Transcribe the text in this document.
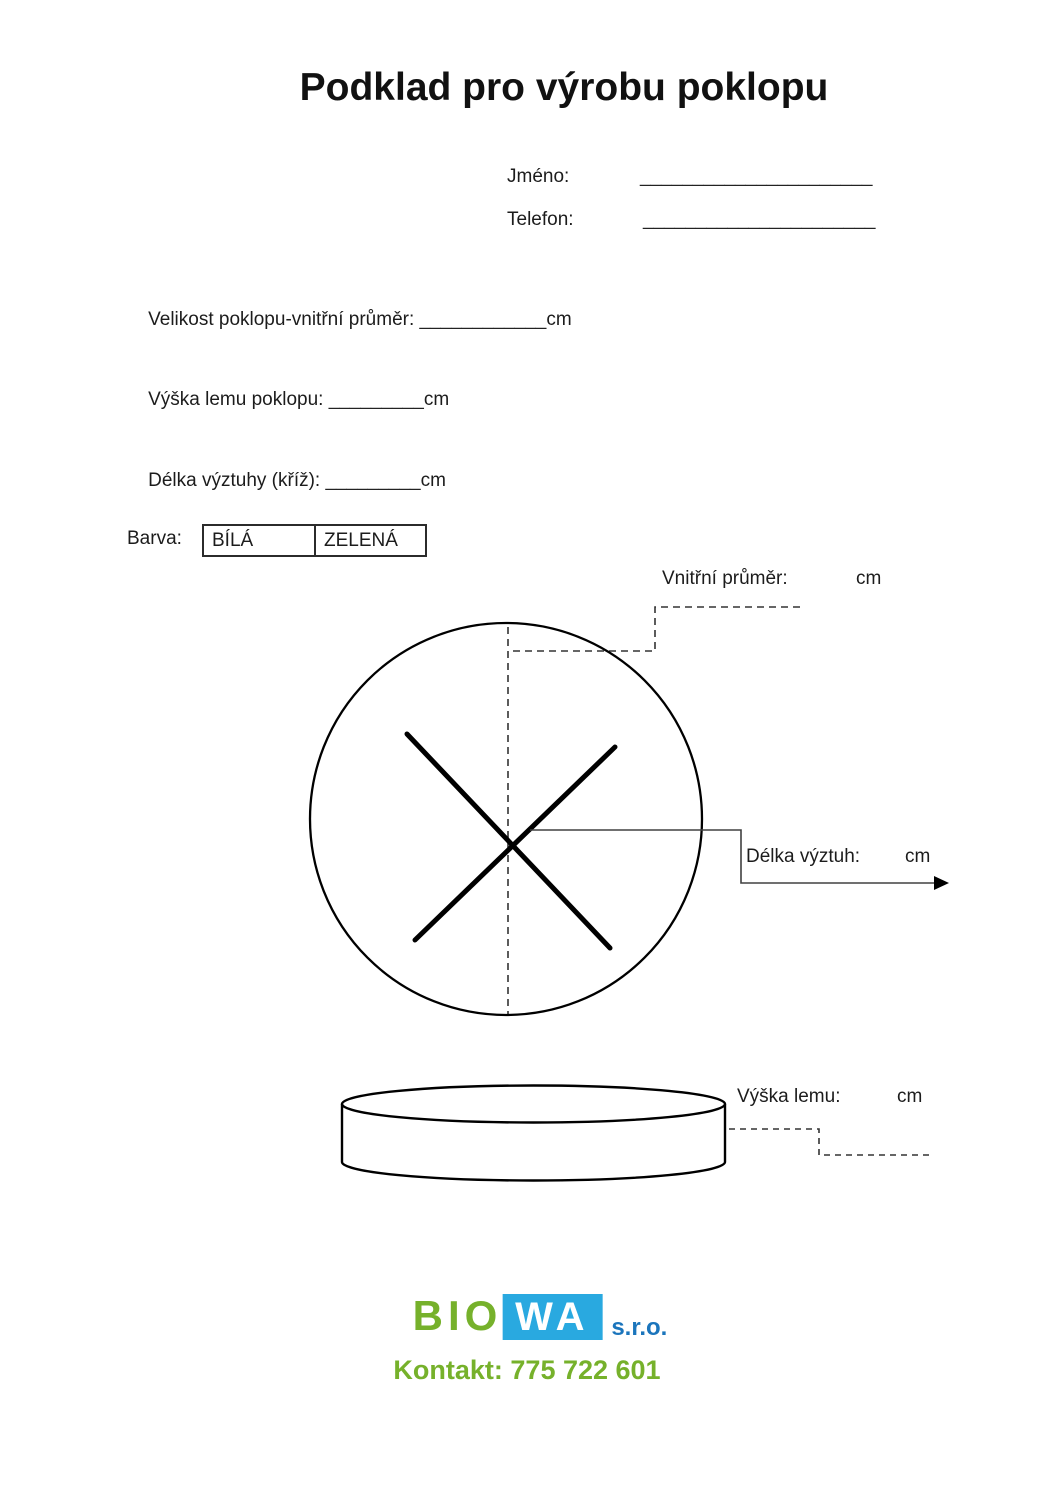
Podklad pro výrobu poklopu
Jméno:	______________________
Telefon:	______________________

Velikost poklopu-vnitřní průměr: ____________cm

Výška lemu poklopu: _________cm

Délka výztuhy (kříž): _________cm

Barva:	BÍLÁ	ZELENÁ
Vnitřní průměr:	cm
Délka výztuh: cm
Výška lemu:	cm
BIO WA s.r.o.
Kontakt: 775 722 601
